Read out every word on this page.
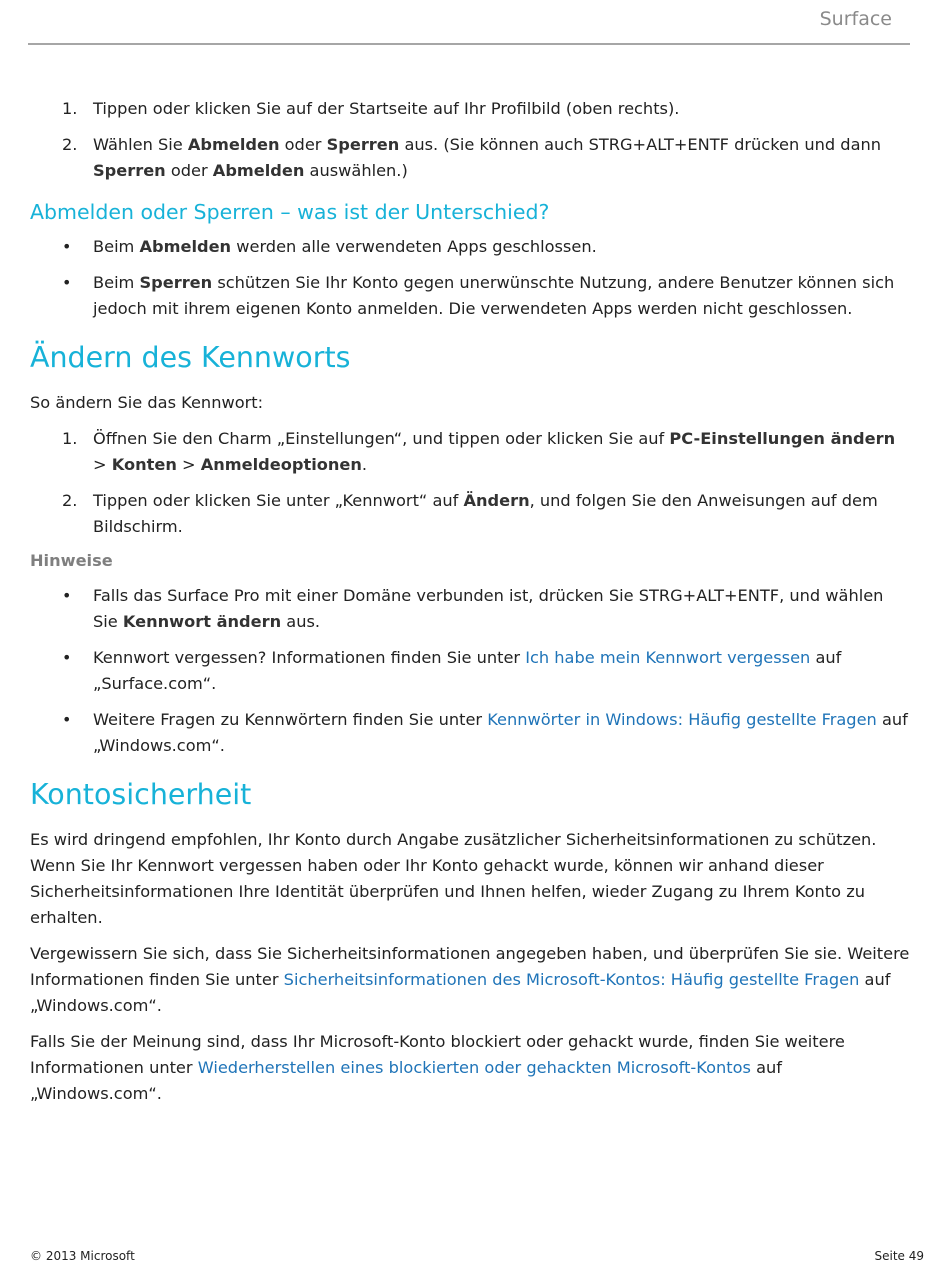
Surface
1. Tippen oder klicken Sie auf der Startseite auf Ihr Profilbild (oben rechts).
2. Wählen Sie Abmelden oder Sperren aus. (Sie können auch STRG+ALT+ENTF drücken und dann Sperren oder Abmelden auswählen.)
Abmelden oder Sperren – was ist der Unterschied?
• Beim Abmelden werden alle verwendeten Apps geschlossen.
• Beim Sperren schützen Sie Ihr Konto gegen unerwünschte Nutzung, andere Benutzer können sich jedoch mit ihrem eigenen Konto anmelden. Die verwendeten Apps werden nicht geschlossen.
Ändern des Kennworts

So ändern Sie das Kennwort:

1. Öffnen Sie den Charm „Einstellungen“, und tippen oder klicken Sie auf PC-Einstellungen ändern > Konten > Anmeldeoptionen.
2. Tippen oder klicken Sie unter „Kennwort“ auf Ändern, und folgen Sie den Anweisungen auf dem Bildschirm.
Hinweise
• Falls das Surface Pro mit einer Domäne verbunden ist, drücken Sie STRG+ALT+ENTF, und wählen Sie Kennwort ändern aus.
• Kennwort vergessen? Informationen finden Sie unter Ich habe mein Kennwort vergessen auf „Surface.com“.
• Weitere Fragen zu Kennwörtern finden Sie unter Kennwörter in Windows: Häufig gestellte Fragen auf „Windows.com“.
Kontosicherheit

Es wird dringend empfohlen, Ihr Konto durch Angabe zusätzlicher Sicherheitsinformationen zu schützen. Wenn Sie Ihr Kennwort vergessen haben oder Ihr Konto gehackt wurde, können wir anhand dieser Sicherheitsinformationen Ihre Identität überprüfen und Ihnen helfen, wieder Zugang zu Ihrem Konto zu erhalten.

Vergewissern Sie sich, dass Sie Sicherheitsinformationen angegeben haben, und überprüfen Sie sie. Weitere Informationen finden Sie unter Sicherheitsinformationen des Microsoft-Kontos: Häufig gestellte Fragen auf „Windows.com“.

Falls Sie der Meinung sind, dass Ihr Microsoft-Konto blockiert oder gehackt wurde, finden Sie weitere Informationen unter Wiederherstellen eines blockierten oder gehackten Microsoft-Kontos auf „Windows.com“.

© 2013 Microsoft	Seite 49
